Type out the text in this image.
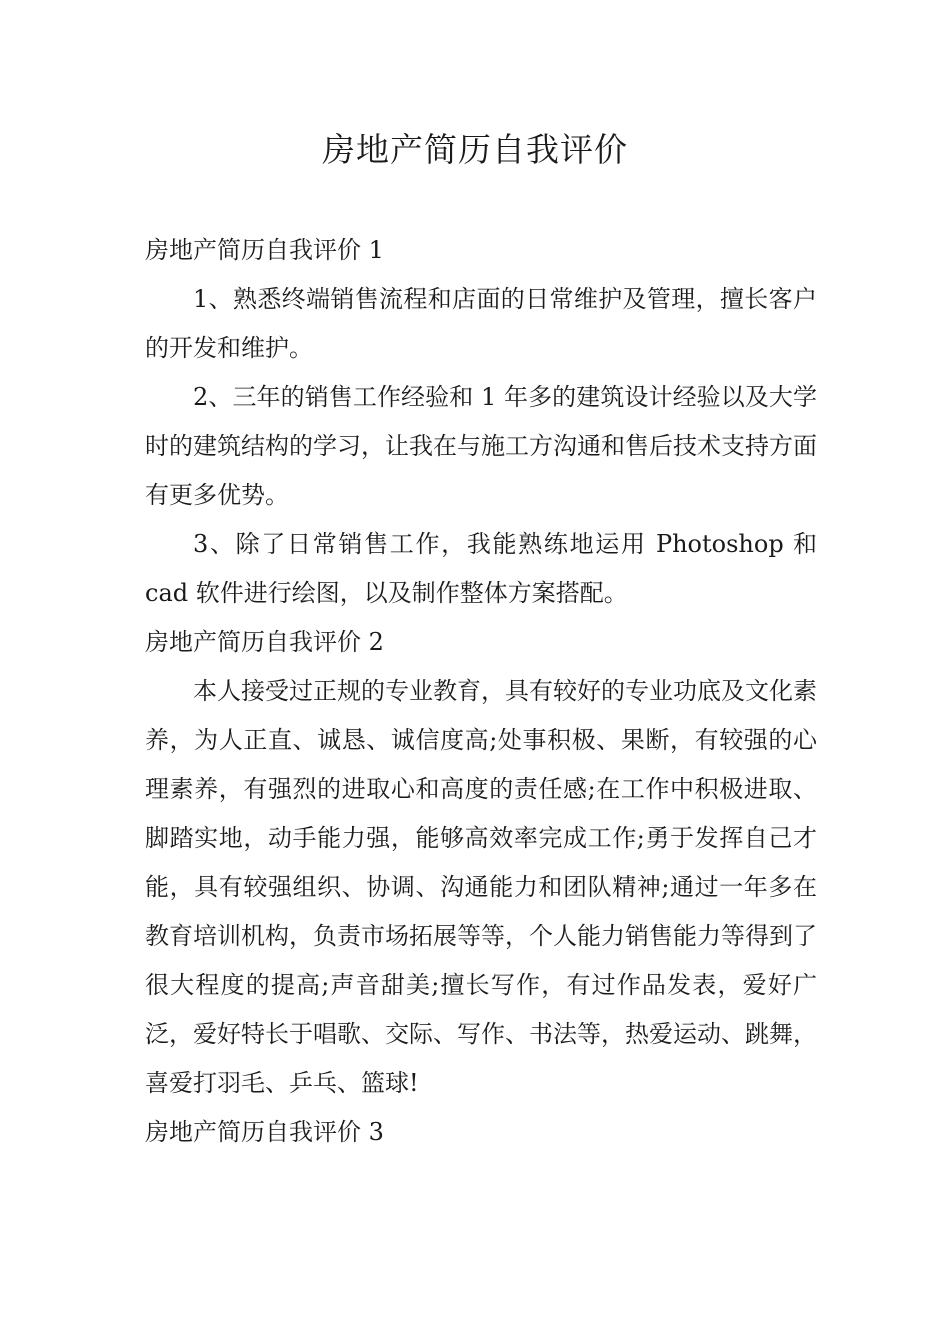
房地产简历自我评价

房地产简历自我评价 1

1、熟悉终端销售流程和店面的日常维护及管理，擅长客户的开发和维护。

2、三年的销售工作经验和 1 年多的建筑设计经验以及大学时的建筑结构的学习，让我在与施工方沟通和售后技术支持方面有更多优势。

3、除了日常销售工作，我能熟练地运用 Photoshop 和cad 软件进行绘图，以及制作整体方案搭配。

房地产简历自我评价 2

本人接受过正规的专业教育，具有较好的专业功底及文化素养，为人正直、诚恳、诚信度高;处事积极、果断，有较强的心理素养，有强烈的进取心和高度的责任感;在工作中积极进取、脚踏实地，动手能力强，能够高效率完成工作;勇于发挥自己才能，具有较强组织、协调、沟通能力和团队精神;通过一年多在教育培训机构，负责市场拓展等等，个人能力销售能力等得到了很大程度的提高;声音甜美;擅长写作，有过作品发表，爱好广泛，爱好特长于唱歌、交际、写作、书法等，热爱运动、跳舞，喜爱打羽毛、乒乓、篮球!

房地产简历自我评价 3
